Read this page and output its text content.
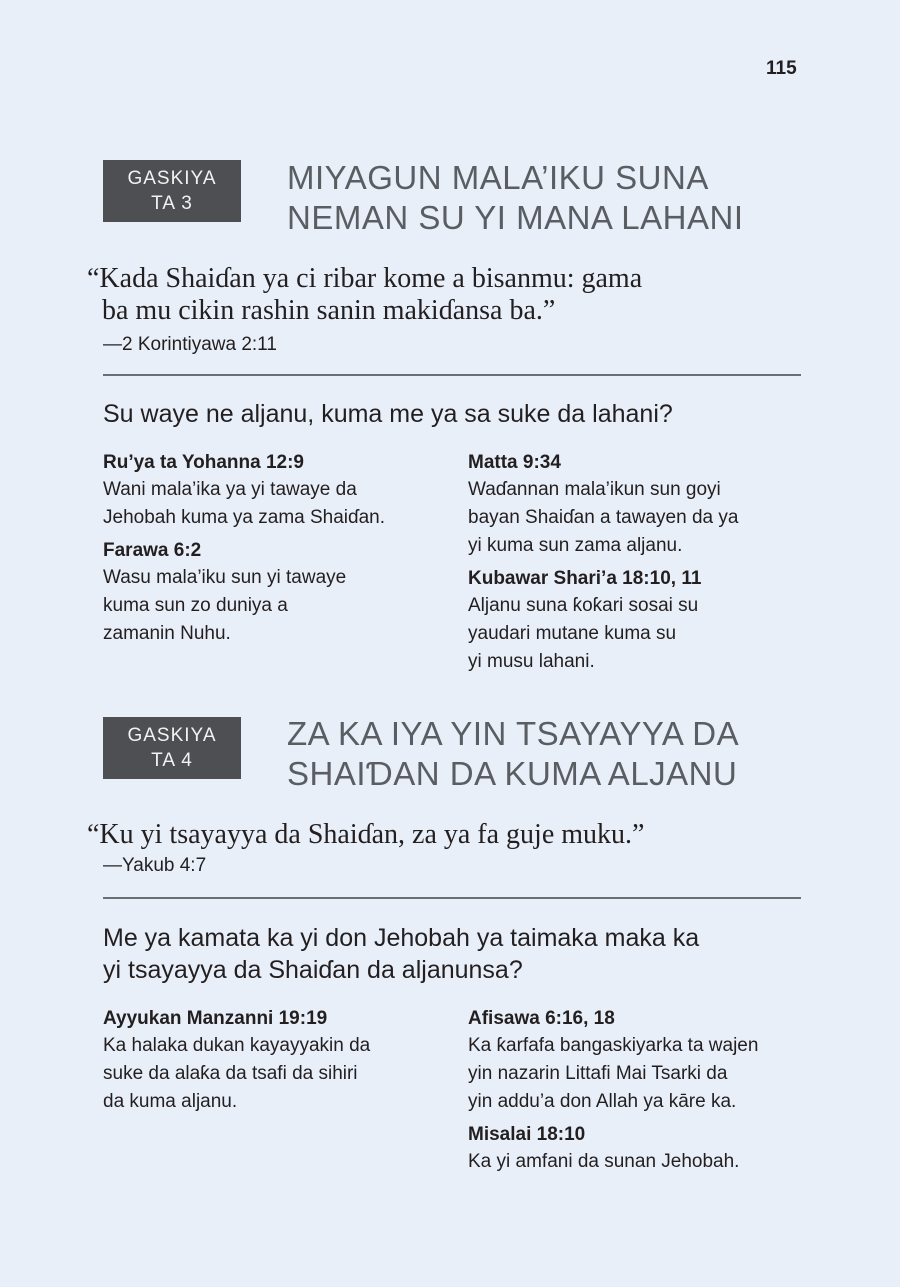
115
GASKIYA
TA 3
MIYAGUN MALA’IKU SUNA
NEMAN SU YI MANA LAHANI
“Kada Shaiɗan ya ci ribar kome a bisanmu: gama
ba mu cikin rashin sanin makiɗansa ba.”
—2 Korintiyawa 2:11
Su waye ne aljanu, kuma me ya sa suke da lahani?
Ru’ya ta Yohanna 12:9
Wani mala’ika ya yi tawaye da
Jehobah kuma ya zama Shaiɗan.
Farawa 6:2
Wasu mala’iku sun yi tawaye
kuma sun zo duniya a
zamanin Nuhu.
Matta 9:34
Waɗannan mala’ikun sun goyi
bayan Shaiɗan a tawayen da ya
yi kuma sun zama aljanu.
Kubawar Shari’a 18:10, 11
Aljanu suna ƙoƙari sosai su
yaudari mutane kuma su
yi musu lahani.
GASKIYA
TA 4
ZA KA IYA YIN TSAYAYYA DA
SHAIƊAN DA KUMA ALJANU
“Ku yi tsayayya da Shaiɗan, za ya fa guje muku.”
—Yakub 4:7
Me ya kamata ka yi don Jehobah ya taimaka maka ka
yi tsayayya da Shaiɗan da aljanunsa?
Ayyukan Manzanni 19:19
Ka halaka dukan kayayyakin da
suke da alaƙa da tsafi da sihiri
da kuma aljanu.
Afisawa 6:16, 18
Ka ƙarfafa bangaskiyarka ta wajen
yin nazarin Littafi Mai Tsarki da
yin addu’a don Allah ya kāre ka.
Misalai 18:10
Ka yi amfani da sunan Jehobah.
